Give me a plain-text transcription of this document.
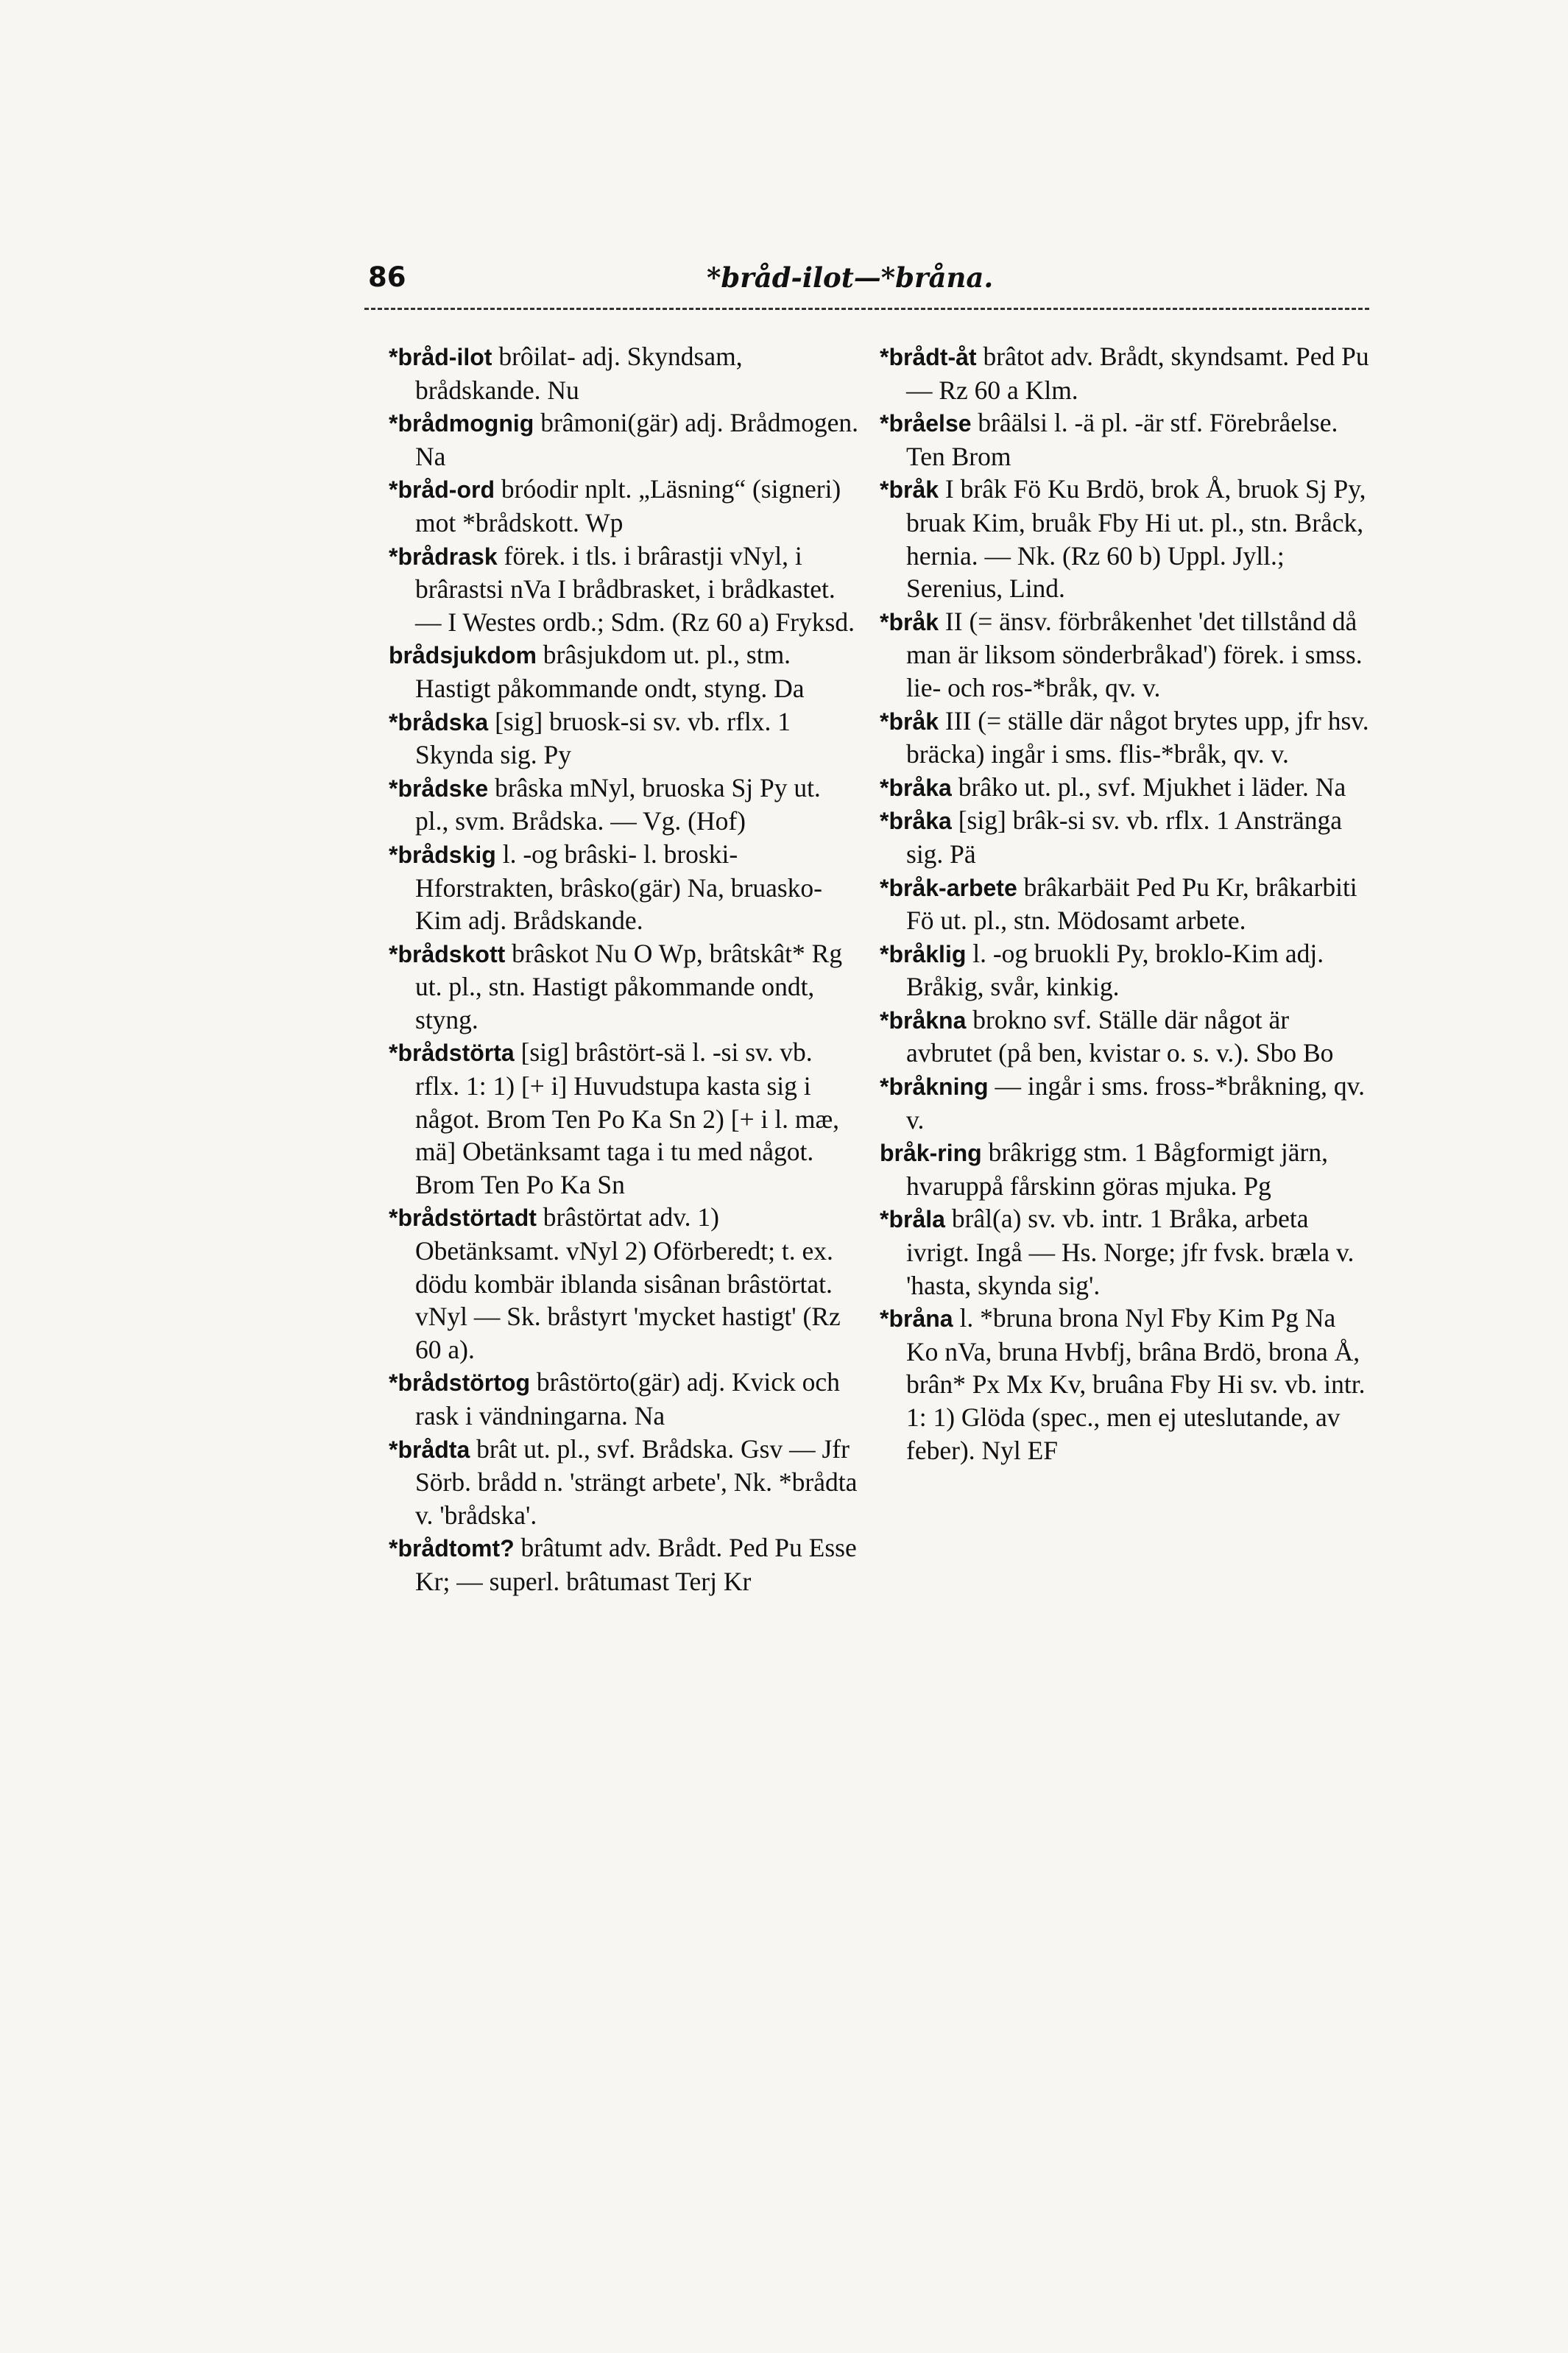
86	*bråd-ilot—*bråna.

*bråd-ilot brôilat- adj. Skyndsam, brådskande. Nu

*brådmognig brâmoni(gär) adj. Brådmogen. Na

*bråd-ord bróodir nplt. „Läsning“ (signeri) mot *brådskott. Wp

*brådrask förek. i tls. i brârastji vNyl, i brârastsi nVa I brådbrasket, i brådkastet. — I Westes ordb.; Sdm. (Rz 60 a) Fryksd.

brådsjukdom brâsjukdom ut. pl., stm. Hastigt påkommande ondt, styng. Da

*brådska [sig] bruosk-si sv. vb. rflx. 1 Skynda sig. Py

*brådske brâska mNyl, bruoska Sj Py ut. pl., svm. Brådska. — Vg. (Hof)

*brådskig l. -og brâski- l. broski- Hforstrakten, brâsko(gär) Na, bruasko- Kim adj. Brådskande.

*brådskott brâskot Nu O Wp, brâtskât* Rg ut. pl., stn. Hastigt påkommande ondt, styng.

*brådstörta [sig] brâstört-sä l. -si sv. vb. rflx. 1: 1) [+ i] Huvudstupa kasta sig i något. Brom Ten Po Ka Sn 2) [+ i l. mæ, mä] Obetänksamt taga i tu med något. Brom Ten Po Ka Sn

*brådstörtadt brâstörtat adv. 1) Obetänksamt. vNyl 2) Oförberedt; t. ex. dödu kombär iblanda sisânan brâstörtat. vNyl — Sk. bråstyrt 'mycket hastigt' (Rz 60 a).

*brådstörtog brâstörto(gär) adj. Kvick och rask i vändningarna. Na

*brådta brât ut. pl., svf. Brådska. Gsv — Jfr Sörb. brådd n. 'strängt arbete', Nk. *brådta v. 'brådska'.

*brådtomt? brâtumt adv. Brådt. Ped Pu Esse Kr; — superl. brâtumast Terj Kr

*brådt-åt brâtot adv. Brådt, skyndsamt. Ped Pu — Rz 60 a Klm.

*bråelse brâälsi l. -ä pl. -är stf. Förebråelse. Ten Brom

*bråk I brâk Fö Ku Brdö, brok Å, bruok Sj Py, bruak Kim, bruåk Fby Hi ut. pl., stn. Bråck, hernia. — Nk. (Rz 60 b) Uppl. Jyll.; Serenius, Lind.

*bråk II (= änsv. förbråkenhet 'det tillstånd då man är liksom sönderbråkad') förek. i smss. lie- och ros-*bråk, qv. v.

*bråk III (= ställe där något brytes upp, jfr hsv. bräcka) ingår i sms. flis-*bråk, qv. v.

*bråka brâko ut. pl., svf. Mjukhet i läder. Na

*bråka [sig] brâk-si sv. vb. rflx. 1 Anstränga sig. Pä

*bråk-arbete brâkarbäit Ped Pu Kr, brâkarbiti Fö ut. pl., stn. Mödosamt arbete.

*bråklig l. -og bruokli Py, broklo-Kim adj. Bråkig, svår, kinkig.

*bråkna brokno svf. Ställe där något är avbrutet (på ben, kvistar o. s. v.). Sbo Bo

*bråkning — ingår i sms. fross-*bråkning, qv. v.

bråk-ring brâkrigg stm. 1 Bågformigt järn, hvaruppå fårskinn göras mjuka. Pg

*bråla brâl(a) sv. vb. intr. 1 Bråka, arbeta ivrigt. Ingå — Hs. Norge; jfr fvsk. bræla v. 'hasta, skynda sig'.

*bråna l. *bruna brona Nyl Fby Kim Pg Na Ko nVa, bruna Hvbfj, brâna Brdö, brona Å, brân* Px Mx Kv, bruâna Fby Hi sv. vb. intr. 1: 1) Glöda (spec., men ej uteslutande, av feber). Nyl EF
